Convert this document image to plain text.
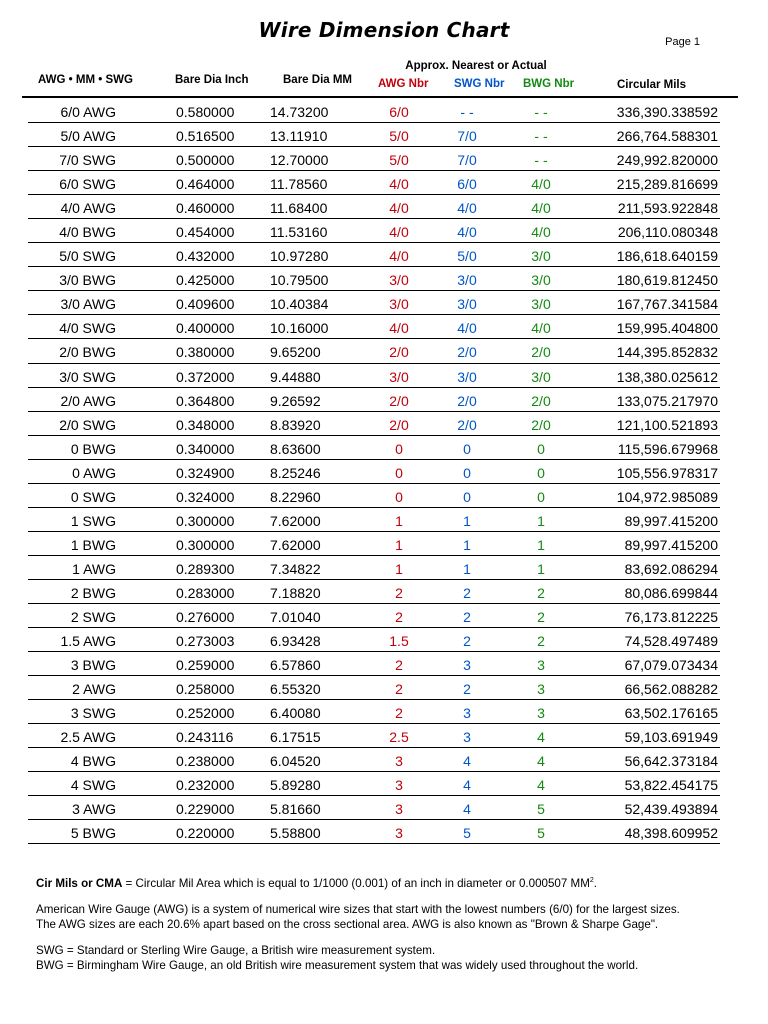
Wire Dimension Chart	Page 1
AWG • MM • SWG	Bare Dia Inch	Bare Dia MM
Approx. Nearest or Actual
AWG Nbr SWG Nbr BWG Nbr	Circular Mils
6/0 AWG	0.580000	14.73200	6/0	- -	- -	336,390.338592
5/0 AWG	0.516500	13.11910	5/0	7/0	- -	266,764.588301
7/0 SWG	0.500000	12.70000	5/0	7/0	- -	249,992.820000
6/0 SWG	0.464000	11.78560	4/0	6/0	4/0	215,289.816699
4/0 AWG	0.460000	11.68400	4/0	4/0	4/0	211,593.922848
4/0 BWG	0.454000	11.53160	4/0	4/0	4/0	206,110.080348
5/0 SWG	0.432000	10.97280	4/0	5/0	3/0	186,618.640159
3/0 BWG	0.425000	10.79500	3/0	3/0	3/0	180,619.812450
3/0 AWG	0.409600	10.40384	3/0	3/0	3/0	167,767.341584
4/0 SWG	0.400000	10.16000	4/0	4/0	4/0	159,995.404800
2/0 BWG	0.380000	9.65200	2/0	2/0	2/0	144,395.852832
3/0 SWG	0.372000	9.44880	3/0	3/0	3/0	138,380.025612
2/0 AWG	0.364800	9.26592	2/0	2/0	2/0	133,075.217970
2/0 SWG	0.348000	8.83920	2/0	2/0	2/0	121,100.521893
0 BWG	0.340000	8.63600	0	0	0	115,596.679968
0 AWG	0.324900	8.25246	0	0	0	105,556.978317
0 SWG	0.324000	8.22960	0	0	0	104,972.985089
1 SWG	0.300000	7.62000	1	1	1	89,997.415200
1 BWG	0.300000	7.62000	1	1	1	89,997.415200
1 AWG	0.289300	7.34822	1	1	1	83,692.086294
2 BWG	0.283000	7.18820	2	2	2	80,086.699844
2 SWG	0.276000	7.01040	2	2	2	76,173.812225
1.5 AWG	0.273003	6.93428	1.5	2	2	74,528.497489
3 BWG	0.259000	6.57860	2	3	3	67,079.073434
2 AWG	0.258000	6.55320	2	2	3	66,562.088282
3 SWG	0.252000	6.40080	2	3	3	63,502.176165
2.5 AWG	0.243116	6.17515	2.5	3	4	59,103.691949
4 BWG	0.238000	6.04520	3	4	4	56,642.373184
4 SWG	0.232000	5.89280	3	4	4	53,822.454175
3 AWG	0.229000	5.81660	3	4	5	52,439.493894
5 BWG	0.220000	5.58800	3	5	5	48,398.609952

Cir Mils or CMA = Circular Mil Area which is equal to 1/1000 (0.001) of an inch in diameter or 0.000507 $MM^2$.

American Wire Gauge (AWG) is a system of numerical wire sizes that start with the lowest numbers (6/0) for the largest sizes.

The AWG sizes are each 20.6% apart based on the cross sectional area. AWG is also known as "Brown & Sharpe Gage".

SWG = Standard or Sterling Wire Gauge, a British wire measurement system.

BWG = Birmingham Wire Gauge, an old British wire measurement system that was widely used throughout the world.
